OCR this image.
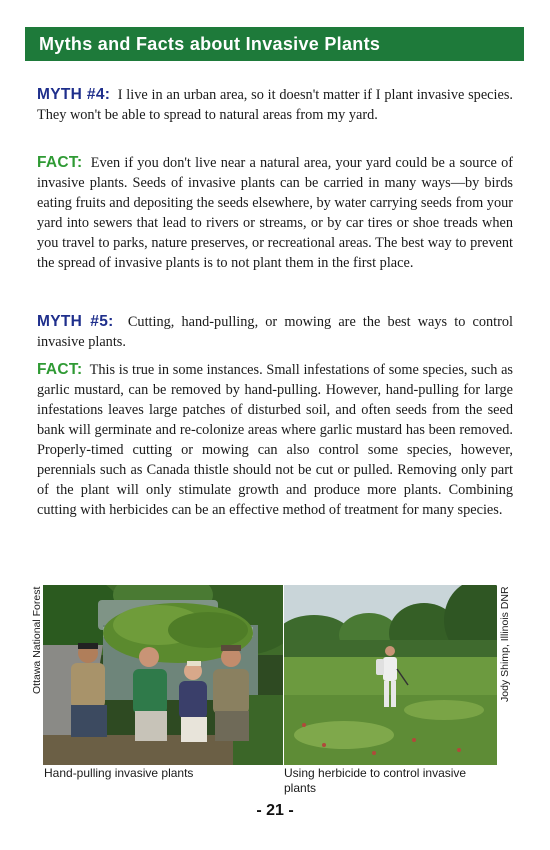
Myths and Facts about Invasive Plants

MYTH #4: I live in an urban area, so it doesn't matter if I plant invasive species. They won't be able to spread to natural areas from my yard.

FACT: Even if you don't live near a natural area, your yard could be a source of invasive plants. Seeds of invasive plants can be carried in many ways—by birds eating fruits and depositing the seeds elsewhere, by water carrying seeds from your yard into sewers that lead to rivers or streams, or by car tires or shoe treads when you travel to parks, nature preserves, or recreational areas. The best way to prevent the spread of invasive plants is to not plant them in the first place.

MYTH #5: Cutting, hand-pulling, or mowing are the best ways to control invasive plants.

FACT: This is true in some instances. Small infestations of some species, such as garlic mustard, can be removed by hand-pulling. However, hand-pulling for large infestations leaves large patches of disturbed soil, and often seeds from the seed bank will germinate and re-colonize areas where garlic mustard has been removed. Properly-timed cutting or mowing can also control some species, however, perennials such as Canada thistle should not be cut or pulled. Removing only part of the plant will only stimulate growth and produce more plants. Combining cutting with herbicides can be an effective method of treatment for many species.

Ottawa National Forest	Jody Shimp, Illinois DNR
Hand-pulling invasive plants	Using herbicide to control invasive plants
- 21 -
